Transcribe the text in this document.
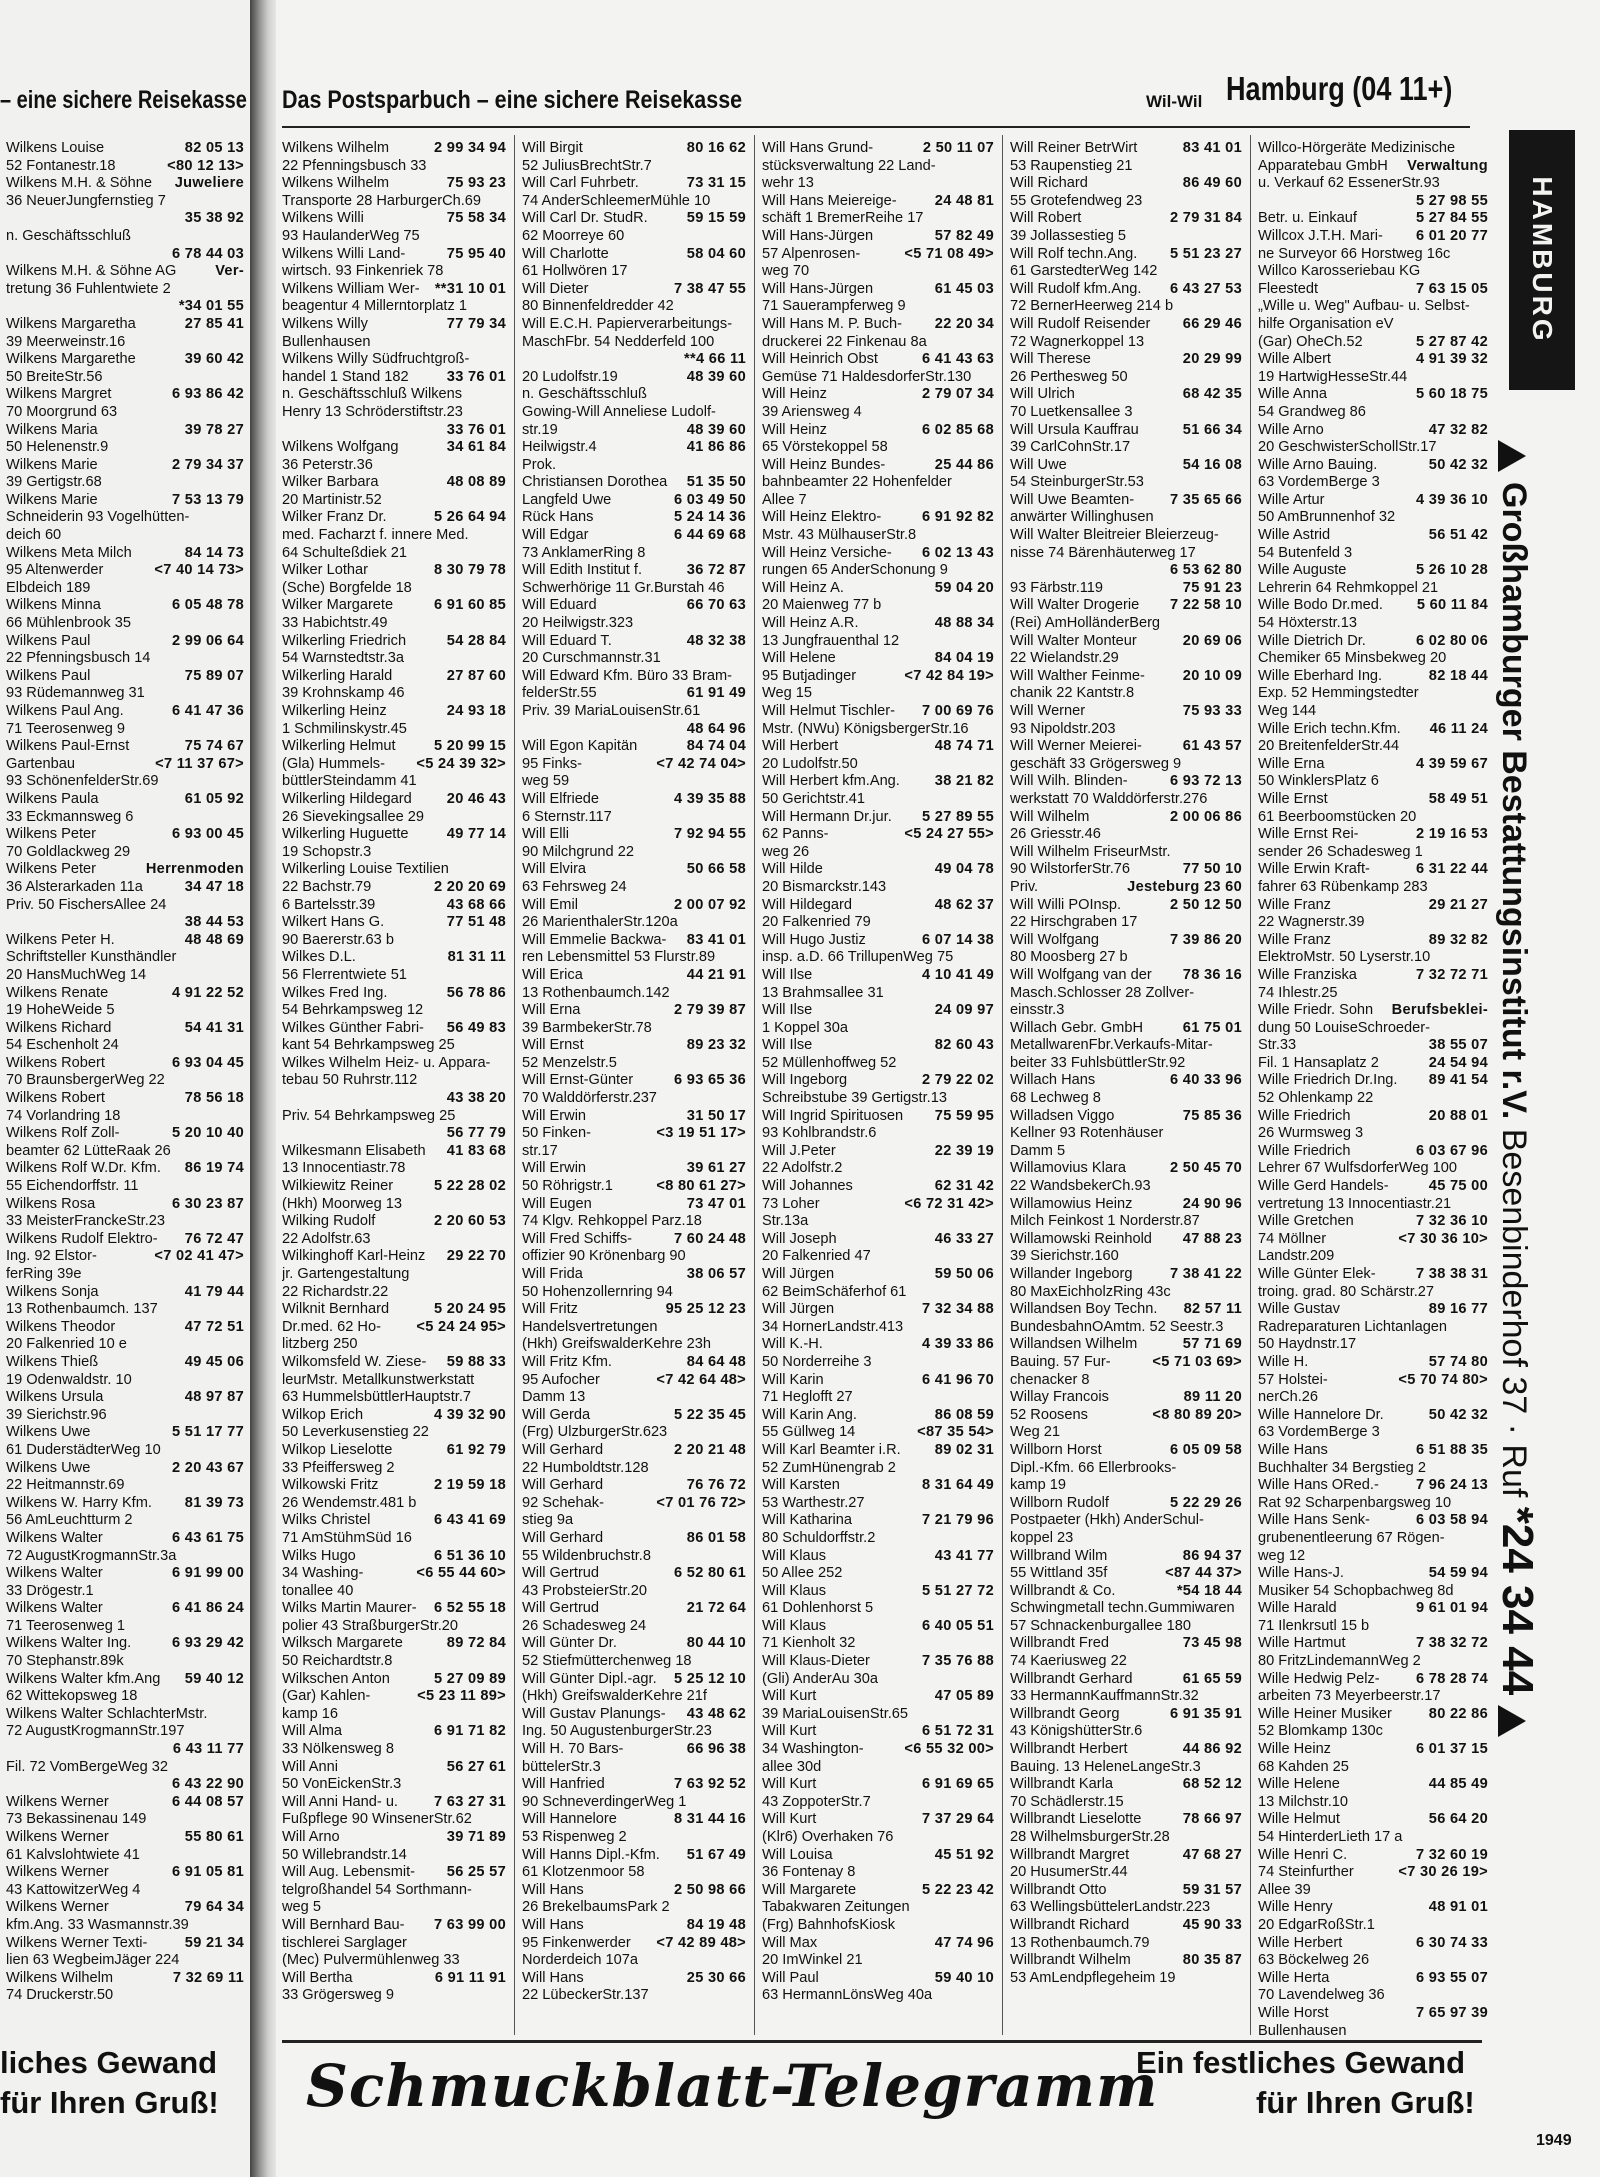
– eine sichere Reisekasse
82 05 13
Wilkens Louise
<80 12 13>
52 Fontanestr.18
Juweliere
Wilkens M.H. & Söhne
36 NeuerJungfernstieg 7
35 38 92
n. Geschäftsschluß
6 78 44 03
Ver-
Wilkens M.H. & Söhne AG
tretung 36 Fuhlentwiete 2
*34 01 55
27 85 41
Wilkens Margaretha
39 Meerweinstr.16
39 60 42
Wilkens Margarethe
50 BreiteStr.56
6 93 86 42
Wilkens Margret
70 Moorgrund 63
39 78 27
Wilkens Maria
50 Helenenstr.9
2 79 34 37
Wilkens Marie
39 Gertigstr.68
7 53 13 79
Wilkens Marie
Schneiderin 93 Vogelhütten-
deich 60
84 14 73
Wilkens Meta Milch
<7 40 14 73>
95 Altenwerder
Elbdeich 189
6 05 48 78
Wilkens Minna
66 Mühlenbrook 35
2 99 06 64
Wilkens Paul
22 Pfenningsbusch 14
75 89 07
Wilkens Paul
93 Rüdemannweg 31
6 41 47 36
Wilkens Paul Ang.
71 Teerosenweg 9
75 74 67
Wilkens Paul-Ernst
<7 11 37 67>
Gartenbau
93 SchönenfelderStr.69
61 05 92
Wilkens Paula
33 Eckmannsweg 6
6 93 00 45
Wilkens Peter
70 Goldlackweg 29
Herrenmoden
Wilkens Peter
34 47 18
36 Alsterarkaden 11a
Priv. 50 FischersAllee 24
38 44 53
48 48 69
Wilkens Peter H.
Schriftsteller Kunsthändler
20 HansMuchWeg 14
4 91 22 52
Wilkens Renate
19 HoheWeide 5
54 41 31
Wilkens Richard
54 Eschenholt 24
6 93 04 45
Wilkens Robert
70 BraunsbergerWeg 22
78 56 18
Wilkens Robert
74 Vorlandring 18
5 20 10 40
Wilkens Rolf Zoll-
beamter 62 LütteRaak 26
86 19 74
Wilkens Rolf W.Dr. Kfm.
55 Eichendorffstr. 11
6 30 23 87
Wilkens Rosa
33 MeisterFranckeStr.23
76 72 47
Wilkens Rudolf Elektro-
<7 02 41 47>
Ing. 92 Elstor-
ferRing 39e
41 79 44
Wilkens Sonja
13 Rothenbaumch. 137
47 72 51
Wilkens Theodor
20 Falkenried 10 e
49 45 06
Wilkens Thieß
19 Odenwaldstr. 10
48 97 87
Wilkens Ursula
39 Sierichstr.96
5 51 17 77
Wilkens Uwe
61 DuderstädterWeg 10
2 20 43 67
Wilkens Uwe
22 Heitmannstr.69
81 39 73
Wilkens W. Harry Kfm.
56 AmLeuchtturm 2
6 43 61 75
Wilkens Walter
72 AugustKrogmannStr.3a
6 91 99 00
Wilkens Walter
33 Drögestr.1
6 41 86 24
Wilkens Walter
71 Teerosenweg 1
6 93 29 42
Wilkens Walter Ing.
70 Stephanstr.89k
59 40 12
Wilkens Walter kfm.Ang
62 Wittekopsweg 18
Wilkens Walter SchlachterMstr.
72 AugustKrogmannStr.197
6 43 11 77
Fil. 72 VomBergeWeg 32
6 43 22 90
6 44 08 57
Wilkens Werner
73 Bekassinenau 149
55 80 61
Wilkens Werner
61 Kalvslohtwiete 41
6 91 05 81
Wilkens Werner
43 KattowitzerWeg 4
79 64 34
Wilkens Werner
kfm.Ang. 33 Wasmannstr.39
59 21 34
Wilkens Werner Texti-
lien 63 WegbeimJäger 224
7 32 69 11
Wilkens Wilhelm
74 Druckerstr.50
liches Gewand
für Ihren Gruß!
Das Postsparbuch – eine sichere Reisekasse	Wil-Wil Hamburg (04 11+)
2 99 34 94
Wilkens Wilhelm
22 Pfenningsbusch 33
75 93 23
Wilkens Wilhelm
Transporte 28 HarburgerCh.69
75 58 34
Wilkens Willi
93 HaulanderWeg 75
75 95 40
Wilkens Willi Land-
wirtsch. 93 Finkenriek 78
**31 10 01
Wilkens William Wer-
beagentur 4 Millerntorplatz 1
77 79 34
Wilkens Willy
Bullenhausen
Wilkens Willy Südfruchtgroß-
33 76 01
handel 1 Stand 182
n. Geschäftsschluß Wilkens
Henry 13 Schröderstiftstr.23
33 76 01
34 61 84
Wilkens Wolfgang
36 Peterstr.36
48 08 89
Wilker Barbara
20 Martinistr.52
5 26 64 94
Wilker Franz Dr.
med. Facharzt f. innere Med.
64 Schulteßdiek 21
8 30 79 78
Wilker Lothar
(Sche) Borgfelde 18
6 91 60 85
Wilker Margarete
33 Habichtstr.49
54 28 84
Wilkerling Friedrich
54 Warnstedtstr.3a
27 87 60
Wilkerling Harald
39 Krohnskamp 46
24 93 18
Wilkerling Heinz
1 Schmilinskystr.45
5 20 99 15
Wilkerling Helmut
<5 24 39 32>
(Gla) Hummels-
büttlerSteindamm 41
20 46 43
Wilkerling Hildegard
26 Sievekingsallee 29
49 77 14
Wilkerling Huguette
19 Schopstr.3
Wilkerling Louise Textilien
2 20 20 69
22 Bachstr.79
43 68 66
6 Bartelsstr.39
77 51 48
Wilkert Hans G.
90 Baererstr.63 b
81 31 11
Wilkes D.L.
56 Flerrentwiete 51
56 78 86
Wilkes Fred Ing.
54 Behrkampsweg 12
56 49 83
Wilkes Günther Fabri-
kant 54 Behrkampsweg 25
Wilkes Wilhelm Heiz- u. Appara-
tebau 50 Ruhrstr.112
43 38 20
Priv. 54 Behrkampsweg 25
56 77 79
41 83 68
Wilkesmann Elisabeth
13 Innocentiastr.78
5 22 28 02
Wilkiewitz Reiner
(Hkh) Moorweg 13
2 20 60 53
Wilking Rudolf
22 Adolfstr.63
29 22 70
Wilkinghoff Karl-Heinz
jr. Gartengestaltung
22 Richardstr.22
5 20 24 95
Wilknit Bernhard
<5 24 24 95>
Dr.med. 62 Ho-
litzberg 250
59 88 33
Wilkomsfeld W. Ziese-
leurMstr. Metallkunstwerkstatt
63 HummelsbüttlerHauptstr.7
4 39 32 90
Wilkop Erich
50 Leverkusenstieg 22
61 92 79
Wilkop Lieselotte
33 Pfeiffersweg 2
2 19 59 18
Wilkowski Fritz
26 Wendemstr.481 b
6 43 41 69
Wilks Christel
71 AmStühmSüd 16
6 51 36 10
Wilks Hugo
<6 55 44 60>
34 Washing-
tonallee 40
6 52 55 18
Wilks Martin Maurer-
polier 43 StraßburgerStr.20
89 72 84
Wilksch Margarete
50 Reichardtstr.8
5 27 09 89
Wilkschen Anton
<5 23 11 89>
(Gar) Kahlen-
kamp 16
6 91 71 82
Will Alma
33 Nölkensweg 8
56 27 61
Will Anni
50 VonEickenStr.3
7 63 27 31
Will Anni Hand- u.
Fußpflege 90 WinsenerStr.62
39 71 89
Will Arno
50 Willebrandstr.14
56 25 57
Will Aug. Lebensmit-
telgroßhandel 54 Sorthmann-
weg 5
7 63 99 00
Will Bernhard Bau-
tischlerei Sarglager
(Mec) Pulvermühlenweg 33
6 91 11 91
Will Bertha
33 Grögersweg 9
80 16 62
Will Birgit
52 JuliusBrechtStr.7
73 31 15
Will Carl Fuhrbetr.
74 AnderSchleemerMühle 10
59 15 59
Will Carl Dr. StudR.
62 Moorreye 60
58 04 60
Will Charlotte
61 Hollwören 17
7 38 47 55
Will Dieter
80 Binnenfeldredder 42
Will E.C.H. Papierverarbeitungs-
MaschFbr. 54 Nedderfeld 100
**4 66 11
48 39 60
20 Ludolfstr.19
n. Geschäftsschluß
Gowing-Will Anneliese Ludolf-
48 39 60
str.19
41 86 86
Heilwigstr.4
Prok.
51 35 50
Christiansen Dorothea
6 03 49 50
Langfeld Uwe
5 24 14 36
Rück Hans
6 44 69 68
Will Edgar
73 AnklamerRing 8
36 72 87
Will Edith Institut f.
Schwerhörige 11 Gr.Burstah 46
66 70 63
Will Eduard
20 Heilwigstr.323
48 32 38
Will Eduard T.
20 Curschmannstr.31
Will Edward Kfm. Büro 33 Bram-
61 91 49
felderStr.55
Priv. 39 MariaLouisenStr.61
48 64 96
84 74 04
Will Egon Kapitän
<7 42 74 04>
95 Finks-
weg 59
4 39 35 88
Will Elfriede
6 Sternstr.117
7 92 94 55
Will Elli
90 Milchgrund 22
50 66 58
Will Elvira
63 Fehrsweg 24
2 00 07 92
Will Emil
26 MarienthalerStr.120a
83 41 01
Will Emmelie Backwa-
ren Lebensmittel 53 Flurstr.89
44 21 91
Will Erica
13 Rothenbaumch.142
2 79 39 87
Will Erna
39 BarmbekerStr.78
89 23 32
Will Ernst
52 Menzelstr.5
6 93 65 36
Will Ernst-Günter
70 Walddörferstr.237
31 50 17
Will Erwin
<3 19 51 17>
50 Finken-
str.17
39 61 27
Will Erwin
<8 80 61 27>
50 Röhrigstr.1
73 47 01
Will Eugen
74 Klgv. Rehkoppel Parz.18
7 60 24 48
Will Fred Schiffs-
offizier 90 Krönenbarg 90
38 06 57
Will Frida
50 Hohenzollernring 94
95 25 12 23
Will Fritz
Handelsvertretungen
(Hkh) GreifswalderKehre 23h
84 64 48
Will Fritz Kfm.
<7 42 64 48>
95 Aufocher
Damm 13
5 22 35 45
Will Gerda
(Frg) UlzburgerStr.623
2 20 21 48
Will Gerhard
22 Humboldtstr.128
76 76 72
Will Gerhard
<7 01 76 72>
92 Schehak-
stieg 9a
86 01 58
Will Gerhard
55 Wildenbruchstr.8
6 52 80 61
Will Gertrud
43 ProbsteierStr.20
21 72 64
Will Gertrud
26 Schadesweg 24
80 44 10
Will Günter Dr.
52 Stiefmütterchenweg 18
5 25 12 10
Will Günter Dipl.-agr.
(Hkh) GreifswalderKehre 21f
43 48 62
Will Gustav Planungs-
Ing. 50 AugustenburgerStr.23
66 96 38
Will H. 70 Bars-
büttelerStr.3
7 63 92 52
Will Hanfried
90 SchneverdingerWeg 1
8 31 44 16
Will Hannelore
53 Rispenweg 2
51 67 49
Will Hanns Dipl.-Kfm.
61 Klotzenmoor 58
2 50 98 66
Will Hans
26 BrekelbaumsPark 2
84 19 48
Will Hans
<7 42 89 48>
95 Finkenwerder
Norderdeich 107a
25 30 66
Will Hans
22 LübeckerStr.137
2 50 11 07
Will Hans Grund-
stücksverwaltung 22 Land-
wehr 13
24 48 81
Will Hans Meiereige-
schäft 1 BremerReihe 17
57 82 49
Will Hans-Jürgen
<5 71 08 49>
57 Alpenrosen-
weg 70
61 45 03
Will Hans-Jürgen
71 Sauerampferweg 9
22 20 34
Will Hans M. P. Buch-
druckerei 22 Finkenau 8a
6 41 43 63
Will Heinrich Obst
Gemüse 71 HaldesdorferStr.130
2 79 07 34
Will Heinz
39 Ariensweg 4
6 02 85 68
Will Heinz
65 Vörstekoppel 58
25 44 86
Will Heinz Bundes-
bahnbeamter 22 Hohenfelder
Allee 7
6 91 92 82
Will Heinz Elektro-
Mstr. 43 MülhauserStr.8
6 02 13 43
Will Heinz Versiche-
rungen 65 AnderSchonung 9
59 04 20
Will Heinz A.
20 Maienweg 77 b
48 88 34
Will Heinz A.R.
13 Jungfrauenthal 12
84 04 19
Will Helene
<7 42 84 19>
95 Butjadinger
Weg 15
7 00 69 76
Will Helmut Tischler-
Mstr. (NWu) KönigsbergerStr.16
48 74 71
Will Herbert
20 Ludolfstr.50
38 21 82
Will Herbert kfm.Ang.
50 Gerichtstr.41
5 27 89 55
Will Hermann Dr.jur.
<5 24 27 55>
62 Panns-
weg 26
49 04 78
Will Hilde
20 Bismarckstr.143
48 62 37
Will Hildegard
20 Falkenried 79
6 07 14 38
Will Hugo Justiz
insp. a.D. 66 TrillupenWeg 75
4 10 41 49
Will Ilse
13 Brahmsallee 31
24 09 97
Will Ilse
1 Koppel 30a
82 60 43
Will Ilse
52 Müllenhoffweg 52
2 79 22 02
Will Ingeborg
Schreibstube 39 Gertigstr.13
75 59 95
Will Ingrid Spirituosen
93 Kohlbrandstr.6
22 39 19
Will J.Peter
22 Adolfstr.2
62 31 42
Will Johannes
<6 72 31 42>
73 Loher
Str.13a
46 33 27
Will Joseph
20 Falkenried 47
59 50 06
Will Jürgen
62 BeimSchäferhof 61
7 32 34 88
Will Jürgen
34 HornerLandstr.413
4 39 33 86
Will K.-H.
50 Norderreihe 3
6 41 96 70
Will Karin
71 Heglofft 27
86 08 59
Will Karin Ang.
<87 35 54>
55 Güllweg 14
89 02 31
Will Karl Beamter i.R.
52 ZumHünengrab 2
8 31 64 49
Will Karsten
53 Warthestr.27
7 21 79 96
Will Katharina
80 Schuldorffstr.2
43 41 77
Will Klaus
50 Allee 252
5 51 27 72
Will Klaus
61 Dohlenhorst 5
6 40 05 51
Will Klaus
71 Kienholt 32
7 35 76 88
Will Klaus-Dieter
(Gli) AnderAu 30a
47 05 89
Will Kurt
39 MariaLouisenStr.65
6 51 72 31
Will Kurt
<6 55 32 00>
34 Washington-
allee 30d
6 91 69 65
Will Kurt
43 ZoppoterStr.7
7 37 29 64
Will Kurt
(Klr6) Overhaken 76
45 51 92
Will Louisa
36 Fontenay 8
5 22 23 42
Will Margarete
Tabakwaren Zeitungen
(Frg) BahnhofsKiosk
47 74 96
Will Max
20 ImWinkel 21
59 40 10
Will Paul
63 HermannLönsWeg 40a
83 41 01
Will Reiner BetrWirt
53 Raupenstieg 21
86 49 60
Will Richard
55 Grotefendweg 23
2 79 31 84
Will Robert
39 Jollassestieg 5
5 51 23 27
Will Rolf techn.Ang.
61 GarstedterWeg 142
6 43 27 53
Will Rudolf kfm.Ang.
72 BernerHeerweg 214 b
66 29 46
Will Rudolf Reisender
72 Wagnerkoppel 13
20 29 99
Will Therese
26 Perthesweg 50
68 42 35
Will Ulrich
70 Luetkensallee 3
51 66 34
Will Ursula Kauffrau
39 CarlCohnStr.17
54 16 08
Will Uwe
54 SteinburgerStr.53
7 35 65 66
Will Uwe Beamten-
anwärter Willinghusen
Will Walter Bleitreier Bleierzeug-
nisse 74 Bärenhäuterweg 17
6 53 62 80
75 91 23
93 Färbstr.119
7 22 58 10
Will Walter Drogerie
(Rei) AmHolländerBerg
20 69 06
Will Walter Monteur
22 Wielandstr.29
20 10 09
Will Walther Feinme-
chanik 22 Kantstr.8
75 93 33
Will Werner
93 Nipoldstr.203
61 43 57
Will Werner Meierei-
geschäft 33 Grögersweg 9
6 93 72 13
Will Wilh. Blinden-
werkstatt 70 Walddörferstr.276
2 00 06 86
Will Wilhelm
26 Griesstr.46
Will Wilhelm FriseurMstr.
77 50 10
90 WilstorferStr.76
Jesteburg 23 60
Priv.
2 50 12 50
Will Willi POInsp.
22 Hirschgraben 17
7 39 86 20
Will Wolfgang
80 Moosberg 27 b
78 36 16
Will Wolfgang van der
Masch.Schlosser 28 Zollver-
einsstr.3
61 75 01
Willach Gebr. GmbH
MetallwarenFbr.Verkaufs-Mitar-
beiter 33 FuhlsbüttlerStr.92
6 40 33 96
Willach Hans
68 Lechweg 8
75 85 36
Willadsen Viggo
Kellner 93 Rotenhäuser
Damm 5
2 50 45 70
Willamovius Klara
22 WandsbekerCh.93
24 90 96
Willamowius Heinz
Milch Feinkost 1 Norderstr.87
47 88 23
Willamowski Reinhold
39 Sierichstr.160
7 38 41 22
Willander Ingeborg
80 MaxEichholzRing 43c
82 57 11
Willandsen Boy Techn.
BundesbahnOAmtm. 52 Seestr.3
57 71 69
Willandsen Wilhelm
<5 71 03 69>
Bauing. 57 Fur-
chenacker 8
89 11 20
Willay Francois
<8 80 89 20>
52 Roosens
Weg 21
6 05 09 58
Willborn Horst
Dipl.-Kfm. 66 Ellerbrooks-
kamp 19
5 22 29 26
Willborn Rudolf
Postpaeter (Hkh) AnderSchul-
koppel 23
86 94 37
Willbrand Wilm
<87 44 37>
55 Wittland 35f
*54 18 44
Willbrandt & Co.
Schwingmetall techn.Gummiwaren
57 Schnackenburgallee 180
73 45 98
Willbrandt Fred
74 Kaeriusweg 22
61 65 59
Willbrandt Gerhard
33 HermannKauffmannStr.32
6 91 35 91
Willbrandt Georg
43 KönigshütterStr.6
44 86 92
Willbrandt Herbert
Bauing. 13 HeleneLangeStr.3
68 52 12
Willbrandt Karla
70 Schädlerstr.15
78 66 97
Willbrandt Lieselotte
28 WilhelmsburgerStr.28
47 68 27
Willbrandt Margret
20 HusumerStr.44
59 31 57
Willbrandt Otto
63 WellingsbüttelerLandstr.223
45 90 33
Willbrandt Richard
13 Rothenbaumch.79
80 35 87
Willbrandt Wilhelm
53 AmLendpflegeheim 19
Willco-Hörgeräte Medizinische
Verwaltung
Apparatebau GmbH
u. Verkauf 62 EssenerStr.93
5 27 98 55
5 27 84 55
Betr. u. Einkauf
6 01 20 77
Willcox J.T.H. Mari-
ne Surveyor 66 Horstweg 16c
Willco Karosseriebau KG
7 63 15 05
Fleestedt
„Wille u. Weg" Aufbau- u. Selbst-
hilfe Organisation eV
5 27 87 42
(Gar) OheCh.52
4 91 39 32
Wille Albert
19 HartwigHesseStr.44
5 60 18 75
Wille Anna
54 Grandweg 86
47 32 82
Wille Arno
20 GeschwisterSchollStr.17
50 42 32
Wille Arno Bauing.
63 VordemBerge 3
4 39 36 10
Wille Artur
50 AmBrunnenhof 32
56 51 42
Wille Astrid
54 Butenfeld 3
5 26 10 28
Wille Auguste
Lehrerin 64 Rehmkoppel 21
5 60 11 84
Wille Bodo Dr.med.
54 Höxterstr.13
6 02 80 06
Wille Dietrich Dr.
Chemiker 65 Minsbekweg 20
82 18 44
Wille Eberhard Ing.
Exp. 52 Hemmingstedter
Weg 144
46 11 24
Wille Erich techn.Kfm.
20 BreitenfelderStr.44
4 39 59 67
Wille Erna
50 WinklersPlatz 6
58 49 51
Wille Ernst
61 Beerboomstücken 20
2 19 16 53
Wille Ernst Rei-
sender 26 Schadesweg 1
6 31 22 44
Wille Erwin Kraft-
fahrer 63 Rübenkamp 283
29 21 27
Wille Franz
22 Wagnerstr.39
89 32 82
Wille Franz
ElektroMstr. 50 Lyserstr.10
7 32 72 71
Wille Franziska
74 Ihlestr.25
Berufsbeklei-
Wille Friedr. Sohn
dung 50 LouiseSchroeder-
38 55 07
Str.33
24 54 94
Fil. 1 Hansaplatz 2
89 41 54
Wille Friedrich Dr.Ing.
52 Ohlenkamp 22
20 88 01
Wille Friedrich
26 Wurmsweg 3
6 03 67 96
Wille Friedrich
Lehrer 67 WulfsdorferWeg 100
45 75 00
Wille Gerd Handels-
vertretung 13 Innocentiastr.21
7 32 36 10
Wille Gretchen
<7 30 36 10>
74 Möllner
Landstr.209
7 38 38 31
Wille Günter Elek-
troing. grad. 80 Schärstr.27
89 16 77
Wille Gustav
Radreparaturen Lichtanlagen
50 Haydnstr.17
57 74 80
Wille H.
<5 70 74 80>
57 Holstei-
nerCh.26
50 42 32
Wille Hannelore Dr.
63 VordemBerge 3
6 51 88 35
Wille Hans
Buchhalter 34 Bergstieg 2
7 96 24 13
Wille Hans ORed.-
Rat 92 Scharpenbargsweg 10
6 03 58 94
Wille Hans Senk-
grubenentleerung 67 Rögen-
weg 12
54 59 94
Wille Hans-J.
Musiker 54 Schopbachweg 8d
9 61 01 94
Wille Harald
71 Ilenkrsutl 15 b
7 38 32 72
Wille Hartmut
80 FritzLindemannWeg 2
6 78 28 74
Wille Hedwig Pelz-
arbeiten 73 Meyerbeerstr.17
80 22 86
Wille Heiner Musiker
52 Blomkamp 130c
6 01 37 15
Wille Heinz
68 Kahden 25
44 85 49
Wille Helene
13 Milchstr.10
56 64 20
Wille Helmut
54 HinterderLieth 17 a
7 32 60 19
Wille Henri C.
<7 30 26 19>
74 Steinfurther
Allee 39
48 91 01
Wille Henry
20 EdgarRoßStr.1
6 30 74 33
Wille Herbert
63 Böckelweg 26
6 93 55 07
Wille Herta
70 Lavendelweg 36
7 65 97 39
Wille Horst
Bullenhausen
HAMBURG
Großhamburger Bestattungsinstitut r.V. Besenbinderhof 37 · Ruf *24 34 44
Schmuckblatt-Telegramm
Ein festliches Gewand
für Ihren Gruß!
1949
